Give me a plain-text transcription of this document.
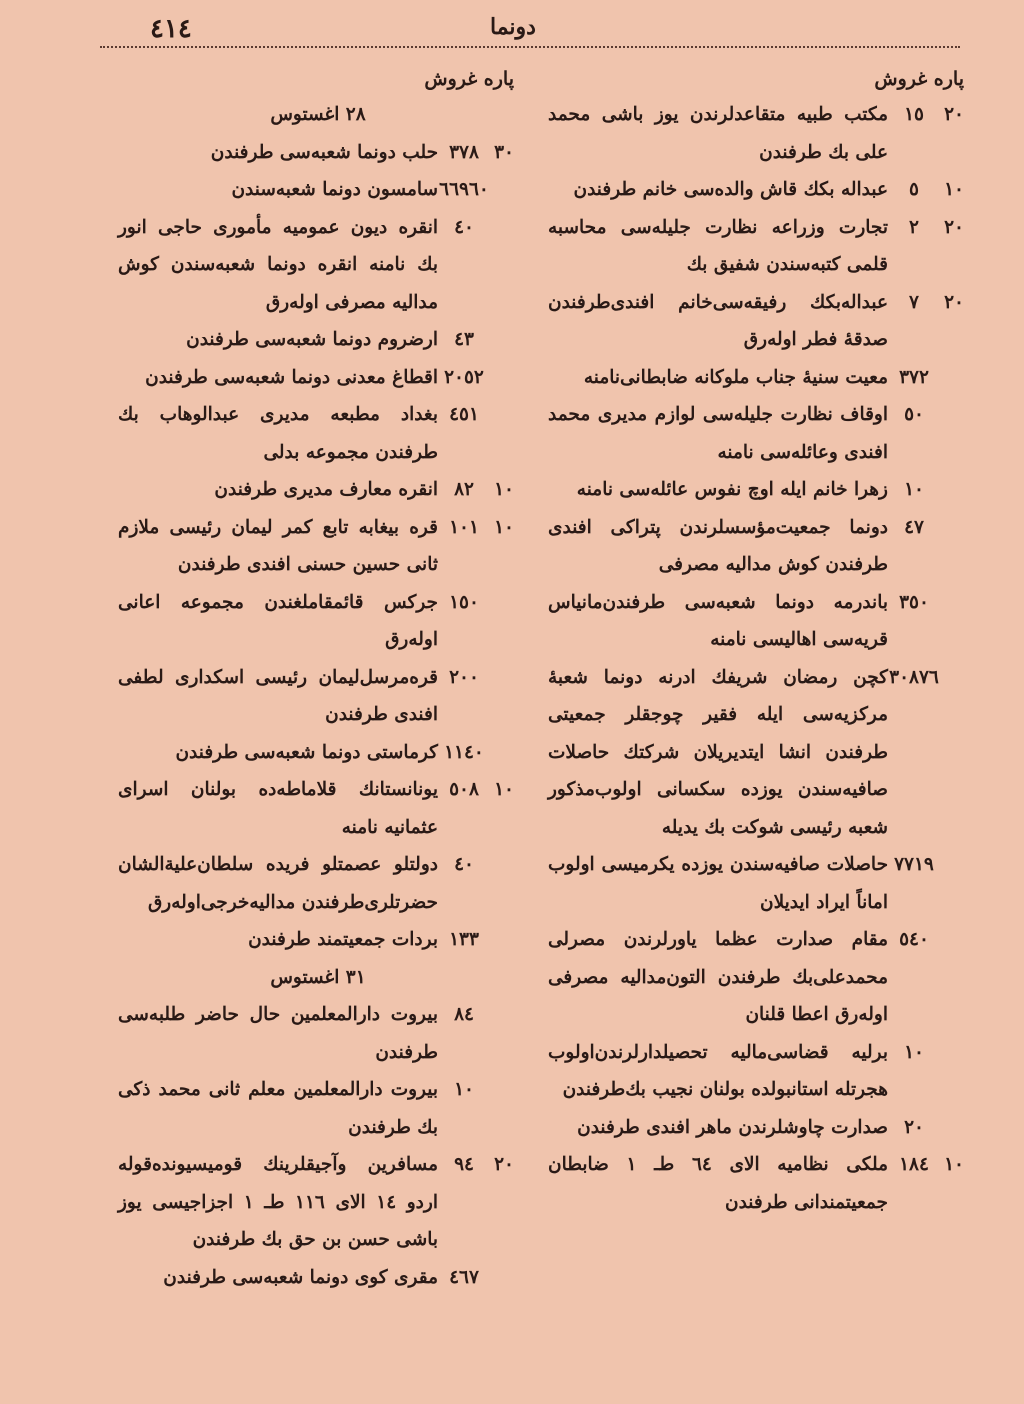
٤١٤	دونما
پاره غروش
٢٠
١٥
مکتب طبیه متقاعدلرندن یوز باشی محمد علی بك طرفندن
١٠
٥
عبداله بکك قاش والده‌سی خانم طرفندن
٢٠
٢
تجارت وزراعه نظارت جلیله‌سی محاسبه قلمی کتبه‌سندن شفیق بك
٢٠
٧
عبداله‌بکك رفیقه‌سی‌خانم افندی‌طرفندن صدقهٔ فطر اوله‌رق
٣٧٢
معیت سنیهٔ جناب ملوکانه ضابطانی‌نامنه
٥٠
اوقاف نظارت جلیله‌سی لوازم مدیری محمد افندی وعائله‌سی نامنه
١٠
زهرا خانم ایله اوچ نفوس عائله‌سی نامنه
٤٧
دونما جمعیت‌مؤسسلرندن پتراکی افندی طرفندن کوش مدالیه مصرفی
٣٥٠
باندرمه دونما شعبه‌سی طرفندن‌مانیاس قریه‌سی اهالیسی نامنه
٣٠٨٧٦
کچن رمضان شریفك ادرنه دونما شعبهٔ مرکزیه‌سی ایله فقیر چوجقلر جمعیتی طرفندن انشا ایتدیریلان شرکتك حاصلات صافیه‌سندن یوزده سکسانی اولوب‌مذکور شعبه رئیسی شوکت بك یدیله
٧٧١٩
حاصلات صافیه‌سندن یوزده یکرمیسی اولوب اماناً ایراد ایدیلان
٥٤٠
مقام صدارت عظما یاورلرندن مصرلی محمدعلی‌بك طرفندن التون‌مدالیه مصرفی اوله‌رق اعطا قلنان
١٠
برلیه قضاسی‌مالیه تحصیلدارلرندن‌اولوب هجرتله استانبولده بولنان نجیب بك‌طرفندن
٢٠
صدارت چاوشلرندن ماهر افندی طرفندن
١٠
١٨٤
ملکی نظامیه الای ٦٤ طـ ١ ضابطان جمعیتمندانی طرفندن
پاره غروش
٢٨ اغستوس
٣٠
٣٧٨
حلب دونما شعبه‌سی طرفندن
٦٦٩٦٠
سامسون دونما شعبه‌سندن
٤٠
انقره دیون عمومیه مأموری حاجی انور بك نامنه انقره دونما شعبه‌سندن کوش مدالیه مصرفی اوله‌رق
٤٣
ارضروم دونما شعبه‌سی طرفندن
٢٠٥٢
اقطاغ معدنی دونما شعبه‌سی طرفندن
٤٥١
بغداد مطبعه مدیری عبدالوهاب بك طرفندن مجموعه بدلی
١٠
٨٢
انقره معارف مدیری طرفندن
١٠
١٠١
قره بیغابه تابع کمر لیمان رئیسی ملازم ثانی حسین حسنی افندی طرفندن
١٥٠
جرکس قائمقاملغندن مجموعه اعانی اوله‌رق
٢٠٠
قره‌مرسل‌لیمان رئیسی اسکداری لطفی افندی طرفندن
١١٤٠
کرماستی دونما شعبه‌سی طرفندن
١٠
٥٠٨
یونانستانك قلاماطه‌ده بولنان اسرای عثمانیه نامنه
٤٠
دولتلو عصمتلو فریده سلطان‌علیةالشان حضرتلری‌طرفندن مدالیه‌خرجی‌اوله‌رق
١٣٣
بردات جمعیتمند طرفندن
٣١ اغستوس
٨٤
بیروت دارالمعلمین حال حاضر طلبه‌سی طرفندن
١٠
بیروت دارالمعلمین معلم ثانی محمد ذکی بك طرفندن
٢٠
٩٤
مسافرین وآجیقلرینك قومیسیونده‌قوله اردو ١٤ الای ١١٦ طـ ١ اجزاجیسی یوز باشی حسن بن حق بك طرفندن
٤٦٧
مقری کوی دونما شعبه‌سی طرفندن
